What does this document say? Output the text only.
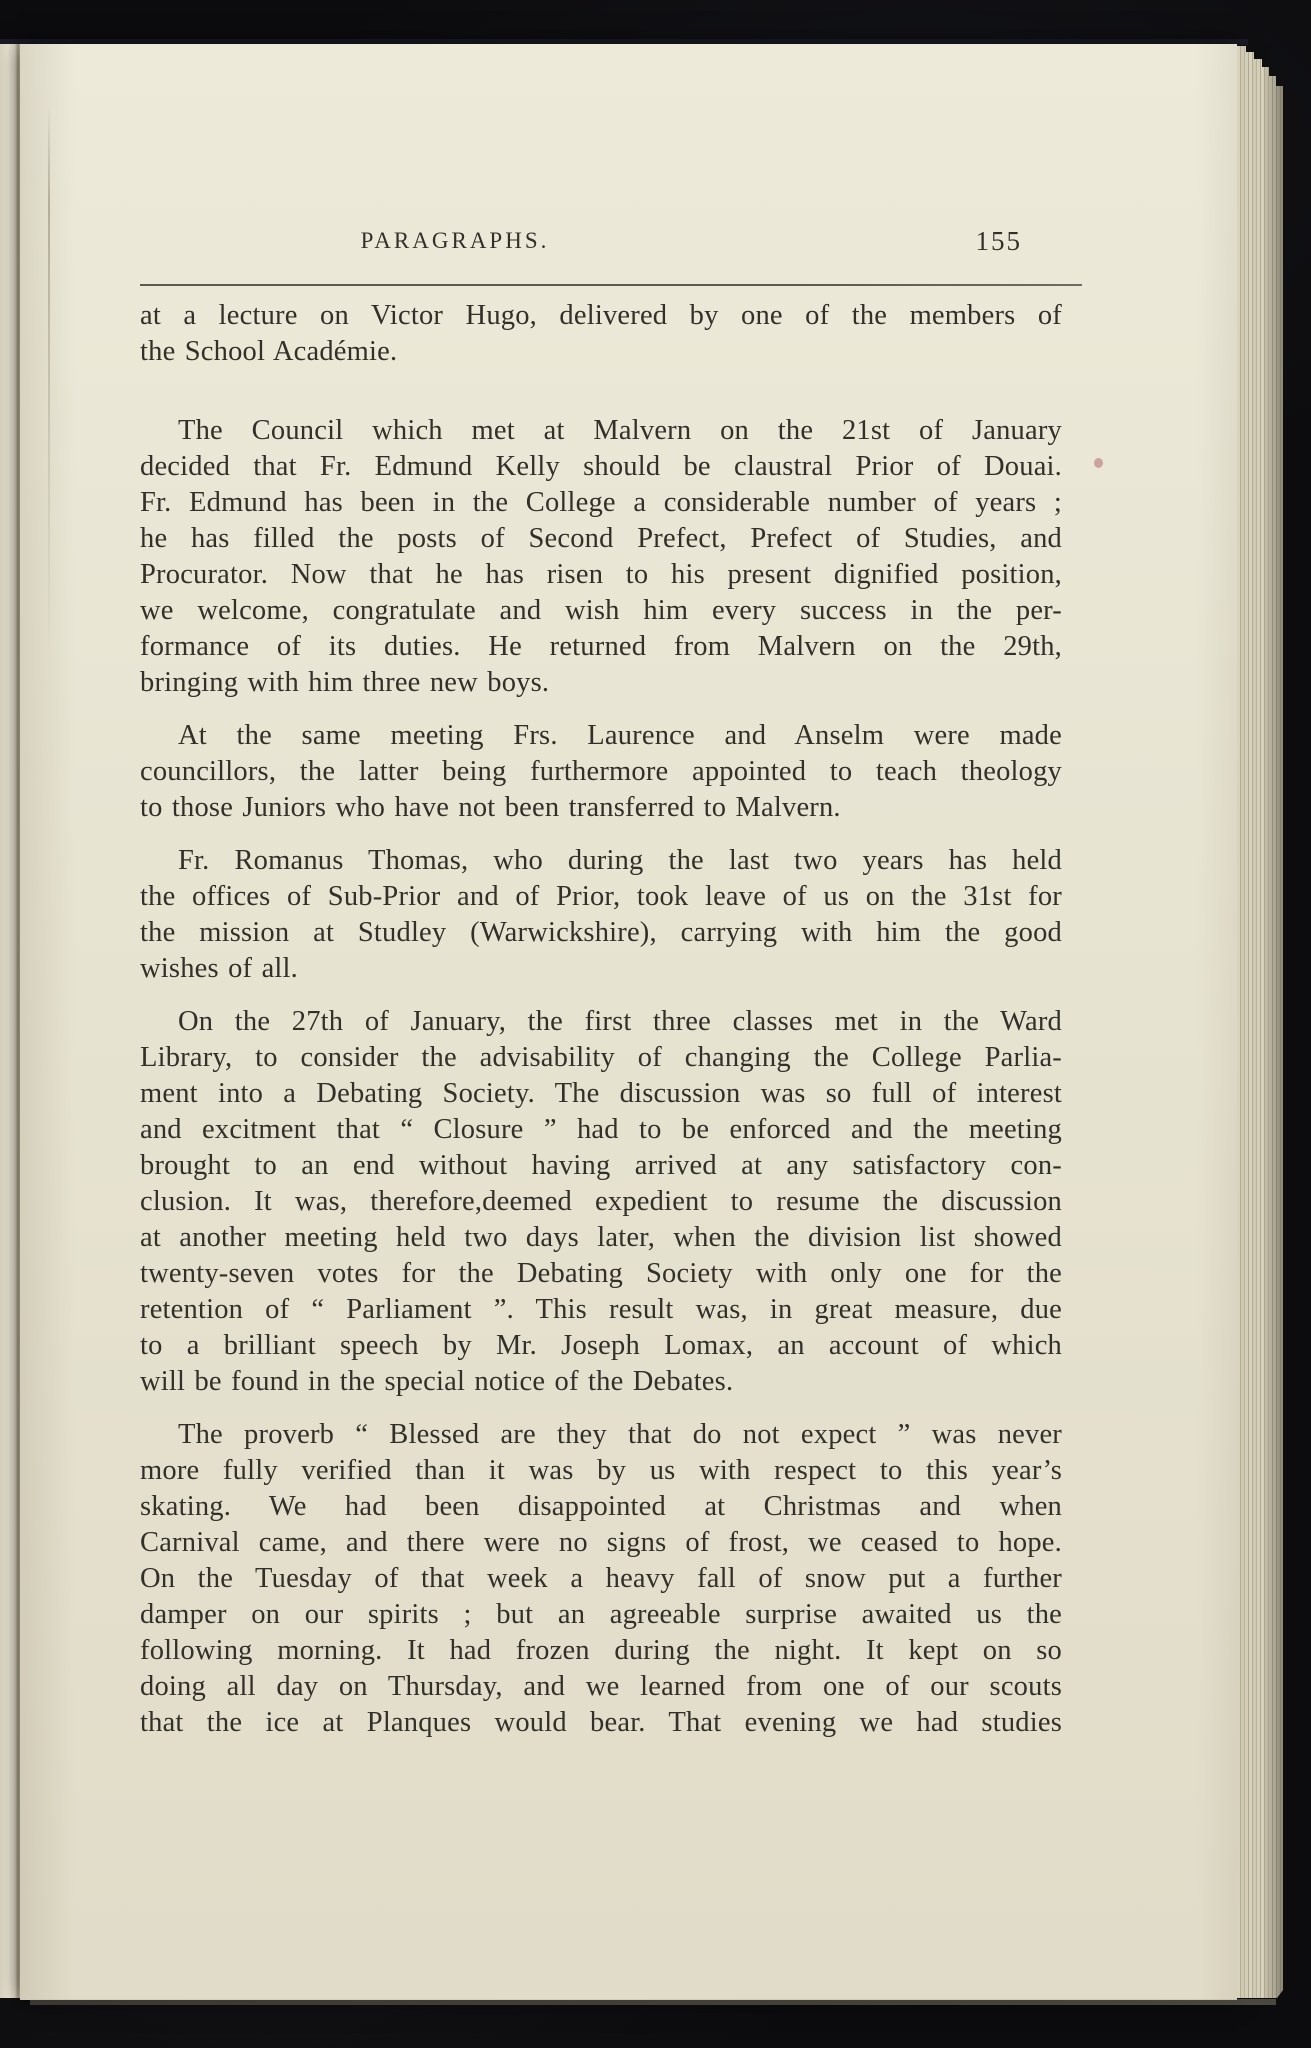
PARAGRAPHS.	155
at a lecture on Victor Hugo, delivered by one of the members of
the School Académie.
The Council which met at Malvern on the 21st of January
decided that Fr. Edmund Kelly should be claustral Prior of Douai.
Fr. Edmund has been in the College a considerable number of years ;
he has filled the posts of Second Prefect, Prefect of Studies, and
Procurator. Now that he has risen to his present dignified position,
we welcome, congratulate and wish him every success in the per-
formance of its duties. He returned from Malvern on the 29th,
bringing with him three new boys.
At the same meeting Frs. Laurence and Anselm were made
councillors, the latter being furthermore appointed to teach theology
to those Juniors who have not been transferred to Malvern.
Fr. Romanus Thomas, who during the last two years has held
the offices of Sub-Prior and of Prior, took leave of us on the 31st for
the mission at Studley (Warwickshire), carrying with him the good
wishes of all.
On the 27th of January, the first three classes met in the Ward
Library, to consider the advisability of changing the College Parlia-
ment into a Debating Society. The discussion was so full of interest
and excitment that “ Closure ” had to be enforced and the meeting
brought to an end without having arrived at any satisfactory con-
clusion. It was, therefore,deemed expedient to resume the discussion
at another meeting held two days later, when the division list showed
twenty-seven votes for the Debating Society with only one for the
retention of “ Parliament ”. This result was, in great measure, due
to a brilliant speech by Mr. Joseph Lomax, an account of which
will be found in the special notice of the Debates.
The proverb “ Blessed are they that do not expect ” was never
more fully verified than it was by us with respect to this year’s
skating. We had been disappointed at Christmas and when
Carnival came, and there were no signs of frost, we ceased to hope.
On the Tuesday of that week a heavy fall of snow put a further
damper on our spirits ; but an agreeable surprise awaited us the
following morning. It had frozen during the night. It kept on so
doing all day on Thursday, and we learned from one of our scouts
that the ice at Planques would bear. That evening we had studies
